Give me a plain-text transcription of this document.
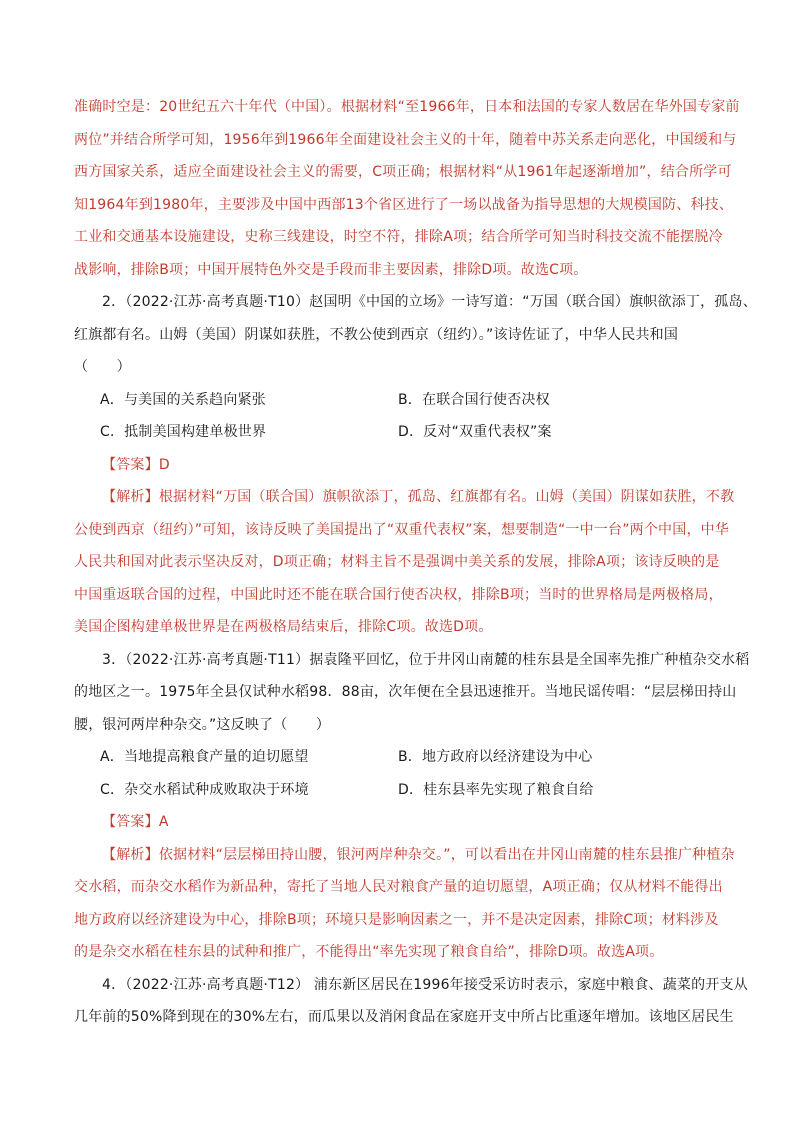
准确时空是：20世纪五六十年代（中国）。根据材料“至1966年，日本和法国的专家人数居在华外国专家前

两位”并结合所学可知，1956年到1966年全面建设社会主义的十年，随着中苏关系走向恶化，中国缓和与

西方国家关系，适应全面建设社会主义的需要，C项正确；根据材料“从1961年起逐渐增加”，结合所学可

知1964年到1980年，主要涉及中国中西部13个省区进行了一场以战备为指导思想的大规模国防、科技、

工业和交通基本设施建设，史称三线建设，时空不符，排除A项；结合所学可知当时科技交流不能摆脱冷

战影响，排除B项；中国开展特色外交是手段而非主要因素，排除D项。故选C项。

2．（2022·江苏·高考真题·T10）赵国明《中国的立场》一诗写道：“万国（联合国）旗帜欲添丁，孤岛、

红旗都有名。山姆（美国）阴谋如获胜，不教公使到西京（纽约）。”该诗佐证了，中华人民共和国

（　　）

A．与美国的关系趋向紧张	B．在联合国行使否决权

C．抵制美国构建单极世界	D．反对“双重代表权”案

【答案】D

【解析】根据材料“万国（联合国）旗帜欲添丁，孤岛、红旗都有名。山姆（美国）阴谋如获胜，不教

公使到西京（纽约）”可知，该诗反映了美国提出了“双重代表权”案，想要制造“一中一台”两个中国，中华

人民共和国对此表示坚决反对，D项正确；材料主旨不是强调中美关系的发展，排除A项；该诗反映的是

中国重返联合国的过程，中国此时还不能在联合国行使否决权，排除B项；当时的世界格局是两极格局，

美国企图构建单极世界是在两极格局结束后，排除C项。故选D项。

3．（2022·江苏·高考真题·T11）据袁隆平回忆，位于井冈山南麓的桂东县是全国率先推广种植杂交水稻

的地区之一。1975年全县仅试种水稻98．88亩，次年便在全县迅速推开。当地民谣传唱：“层层梯田持山

腰，银河两岸种杂交。”这反映了（　　）

A．当地提高粮食产量的迫切愿望	B．地方政府以经济建设为中心

C．杂交水稻试种成败取决于环境	D．桂东县率先实现了粮食自给

【答案】A

【解析】依据材料“层层梯田持山腰，银河两岸种杂交。”，可以看出在井冈山南麓的桂东县推广种植杂

交水稻，而杂交水稻作为新品种，寄托了当地人民对粮食产量的迫切愿望，A项正确；仅从材料不能得出

地方政府以经济建设为中心，排除B项；环境只是影响因素之一，并不是决定因素，排除C项；材料涉及

的是杂交水稻在桂东县的试种和推广，不能得出“率先实现了粮食自给”，排除D项。故选A项。

4．（2022·江苏·高考真题·T12） 浦东新区居民在1996年接受采访时表示，家庭中粮食、蔬菜的开支从

几年前的50%降到现在的30%左右，而瓜果以及消闲食品在家庭开支中所占比重逐年增加。该地区居民生
